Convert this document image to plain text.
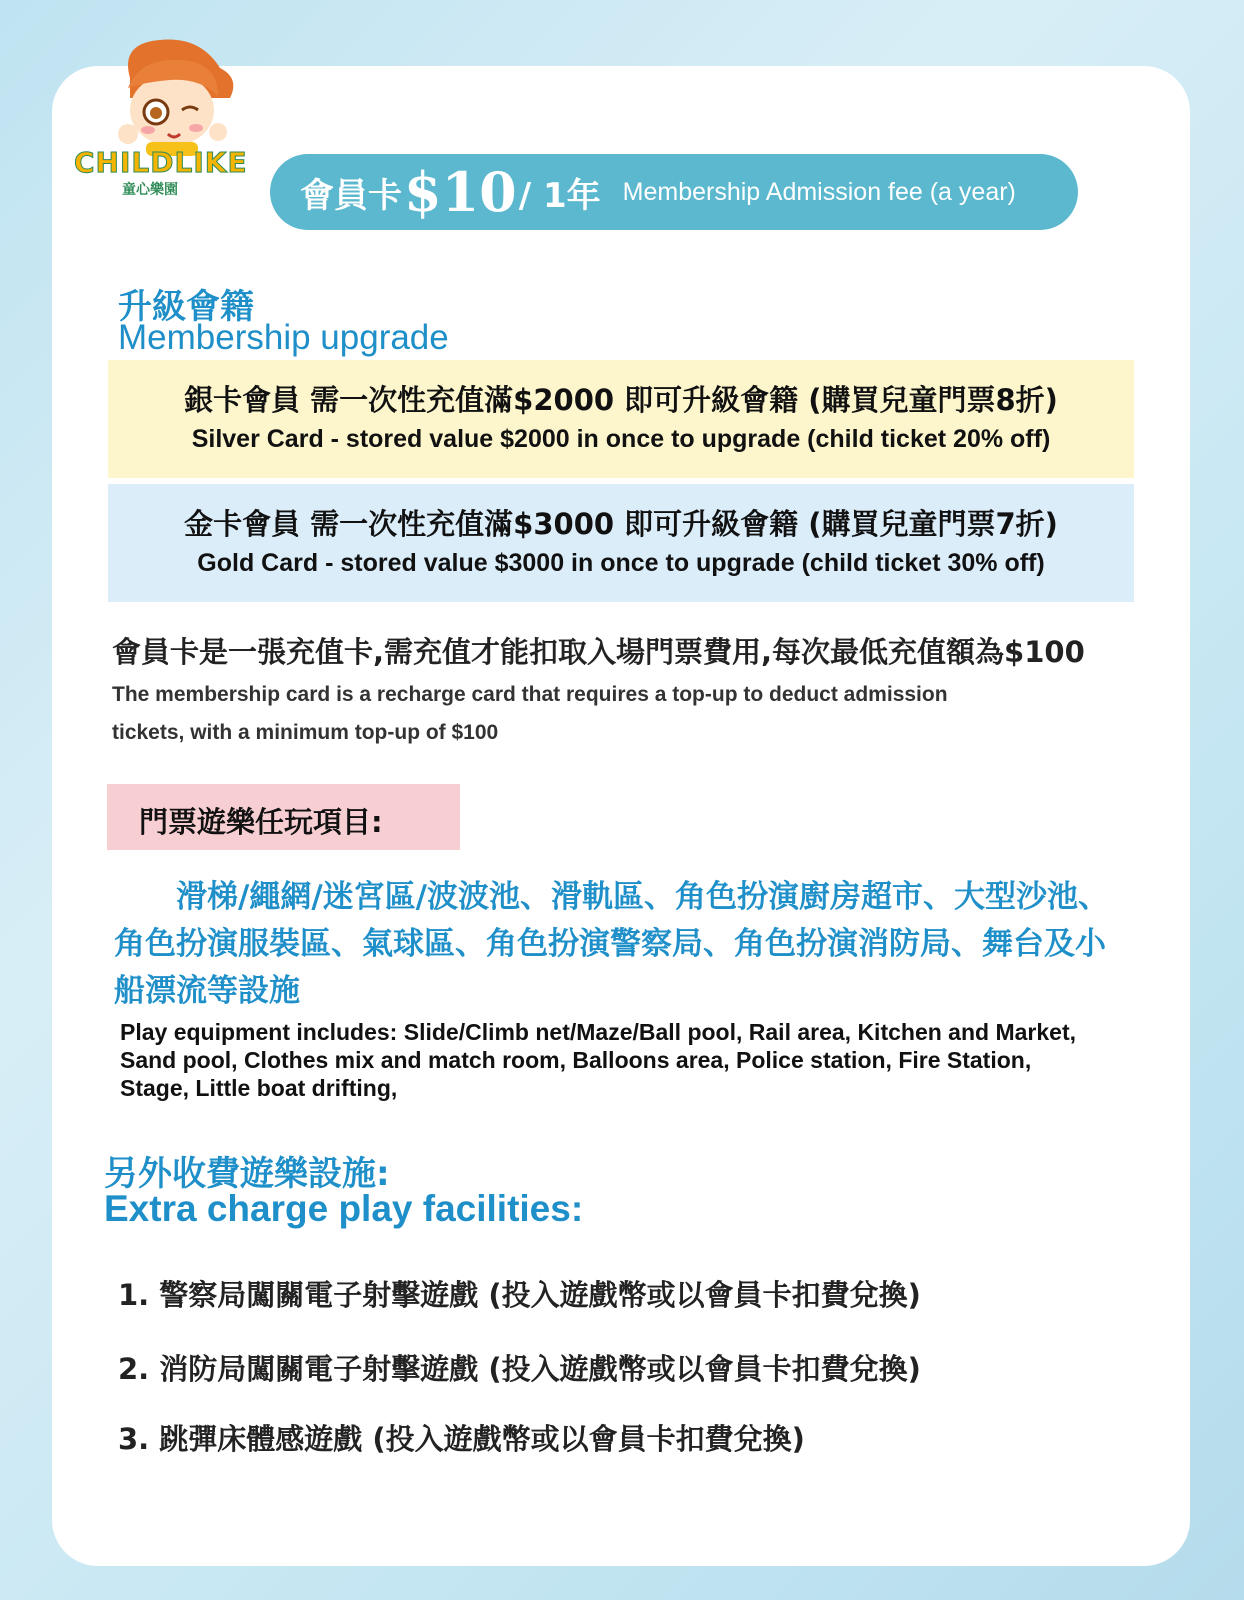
CHILDLIKE
童心樂園	會員卡 $10 / 1年 Membership Admission fee (a year)
升級會籍
Membership upgrade
銀卡會員 需一次性充值滿$2000 即可升級會籍 (購買兒童門票8折)
Silver Card - stored value $2000 in once to upgrade (child ticket 20% off)
金卡會員 需一次性充值滿$3000 即可升級會籍 (購買兒童門票7折)
Gold Card - stored value $3000 in once to upgrade (child ticket 30% off)
會員卡是一張充值卡,需充值才能扣取入場門票費用,每次最低充值額為$100
The membership card is a recharge card that requires a top-up to deduct admission tickets, with a minimum top-up of $100
門票遊樂任玩項目:
滑梯/繩網/迷宮區/波波池、滑軌區、角色扮演廚房超市、大型沙池、角色扮演服裝區、氣球區、角色扮演警察局、角色扮演消防局、舞台及小船漂流等設施
Play equipment includes: Slide/Climb net/Maze/Ball pool, Rail area, Kitchen and Market, Sand pool, Clothes mix and match room, Balloons area, Police station, Fire Station, Stage, Little boat drifting,
另外收費遊樂設施:
Extra charge play facilities:
1. 警察局闖關電子射擊遊戲 (投入遊戲幣或以會員卡扣費兌換)
2. 消防局闖關電子射擊遊戲 (投入遊戲幣或以會員卡扣費兌換)
3. 跳彈床體感遊戲 (投入遊戲幣或以會員卡扣費兌換)
